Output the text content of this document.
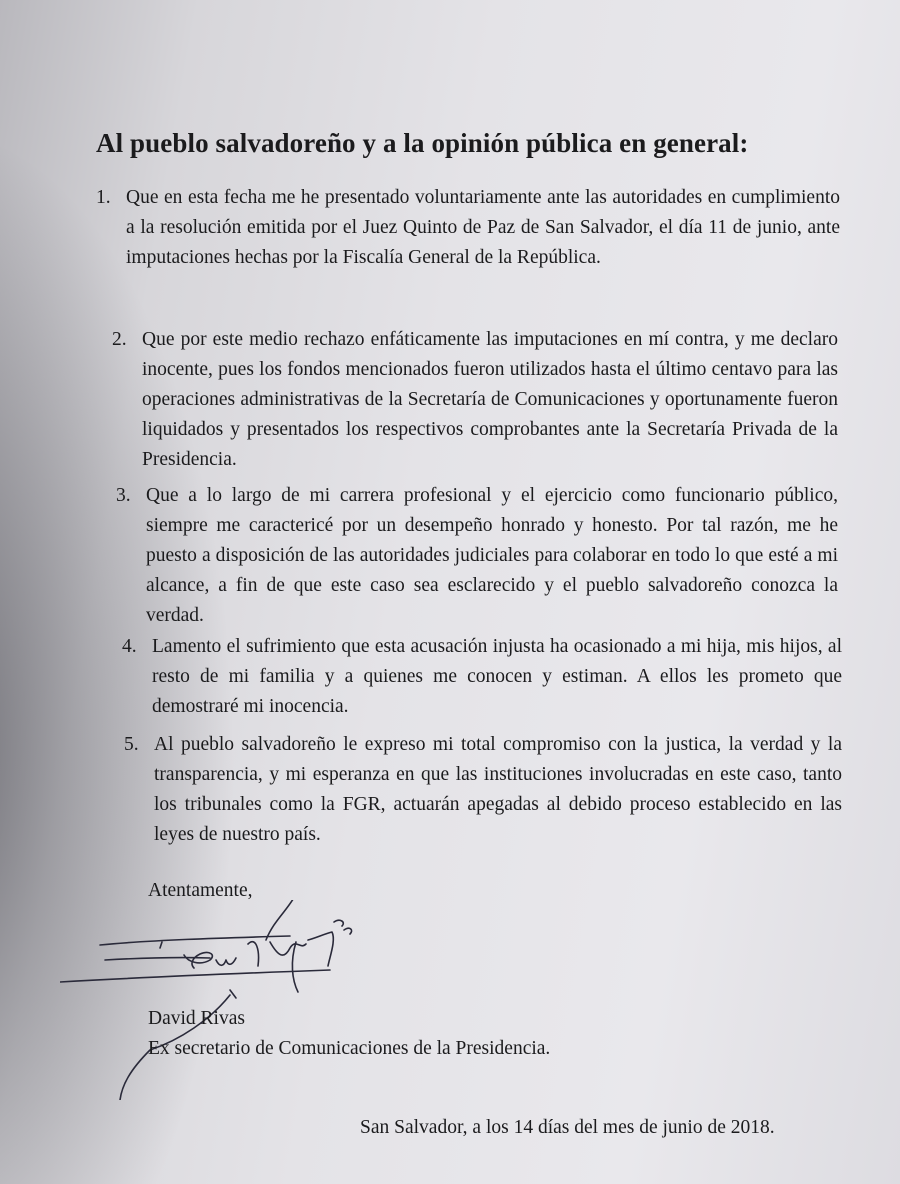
Al pueblo salvadoreño y a la opinión pública en general:
1. Que en esta fecha me he presentado voluntariamente ante las autoridades en cumplimiento a la resolución emitida por el Juez Quinto de Paz de San Salvador, el día 11 de junio, ante imputaciones hechas por la Fiscalía General de la República.
2. Que por este medio rechazo enfáticamente las imputaciones en mí contra, y me declaro inocente, pues los fondos mencionados fueron utilizados hasta el último centavo para las operaciones administrativas de la Secretaría de Comunicaciones y oportunamente fueron liquidados y presentados los respectivos comprobantes ante la Secretaría Privada de la Presidencia.
3. Que a lo largo de mi carrera profesional y el ejercicio como funcionario público, siempre me caractericé por un desempeño honrado y honesto. Por tal razón, me he puesto a disposición de las autoridades judiciales para colaborar en todo lo que esté a mi alcance, a fin de que este caso sea esclarecido y el pueblo salvadoreño conozca la verdad.
4. Lamento el sufrimiento que esta acusación injusta ha ocasionado a mi hija, mis hijos, al resto de mi familia y a quienes me conocen y estiman. A ellos les prometo que demostraré mi inocencia.
5. Al pueblo salvadoreño le expreso mi total compromiso con la justica, la verdad y la transparencia, y mi esperanza en que las instituciones involucradas en este caso, tanto los tribunales como la FGR, actuarán apegadas al debido proceso establecido en las leyes de nuestro país.
Atentamente,
David Rivas
Ex secretario de Comunicaciones de la Presidencia.
San Salvador, a los 14 días del mes de junio de 2018.
